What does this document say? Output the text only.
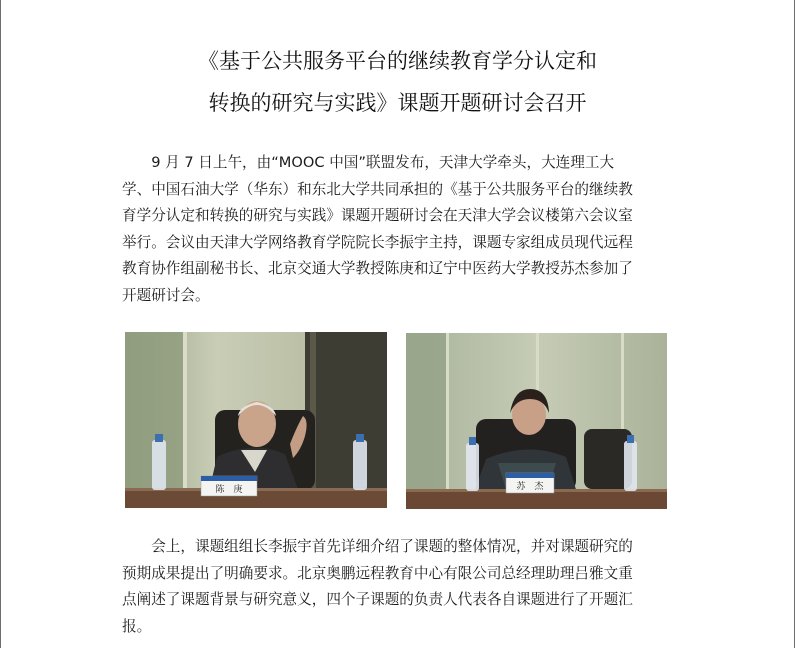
《基于公共服务平台的继续教育学分认定和
转换的研究与实践》课题开题研讨会召开
　　9 月 7 日上午，由“MOOC 中国”联盟发布，天津大学牵头，大连理工大
学、中国石油大学（华东）和东北大学共同承担的《基于公共服务平台的继续教
育学分认定和转换的研究与实践》课题开题研讨会在天津大学会议楼第六会议室
举行。会议由天津大学网络教育学院院长李振宇主持，课题专家组成员现代远程
教育协作组副秘书长、北京交通大学教授陈庚和辽宁中医药大学教授苏杰参加了
开题研讨会。
陈　庚	苏　杰
　　会上，课题组组长李振宇首先详细介绍了课题的整体情况，并对课题研究的
预期成果提出了明确要求。北京奥鹏远程教育中心有限公司总经理助理吕雅文重
点阐述了课题背景与研究意义，四个子课题的负责人代表各自课题进行了开题汇
报。
